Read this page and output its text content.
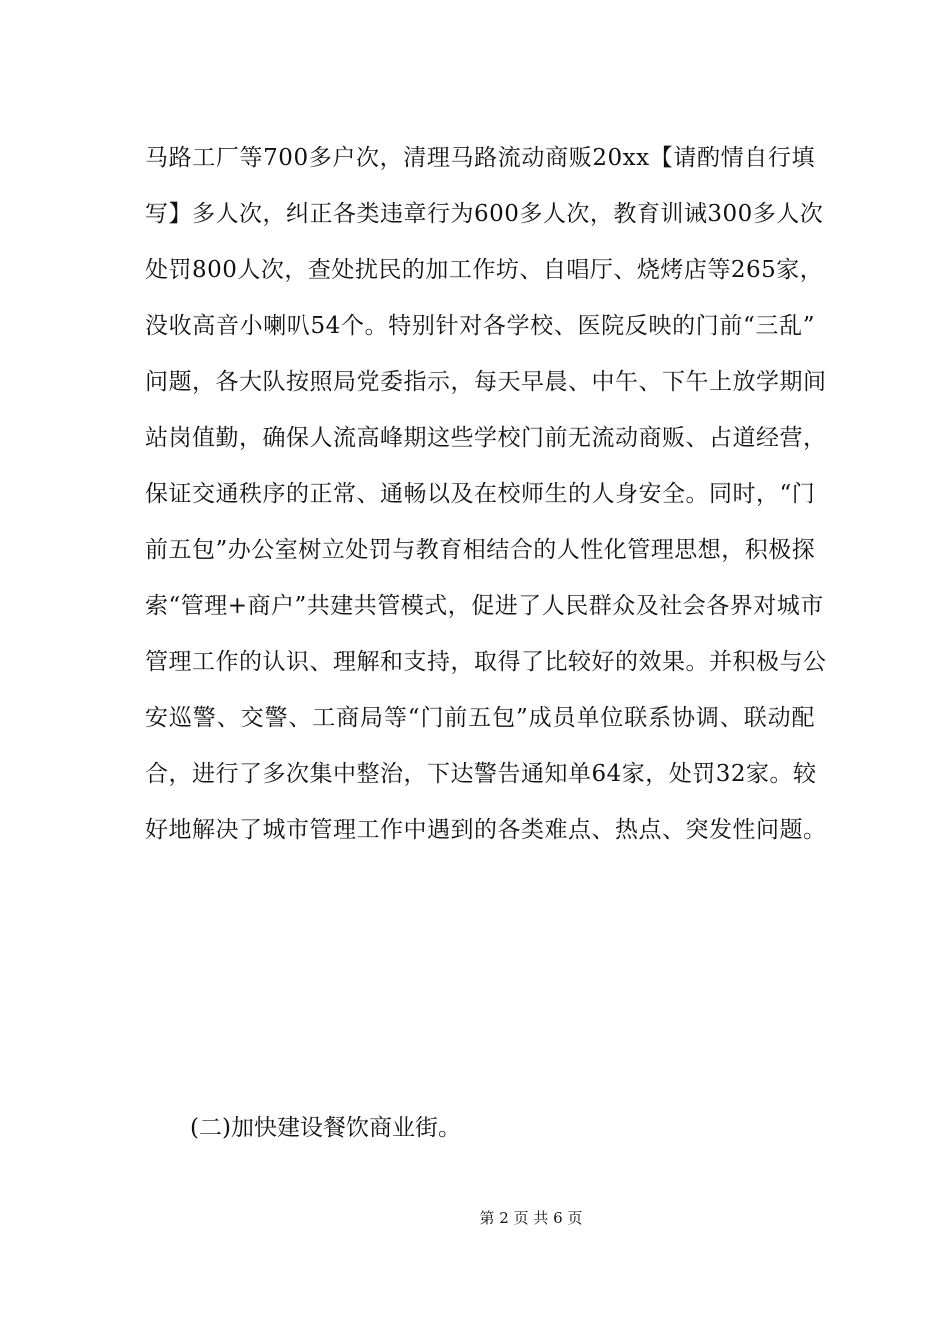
马路工厂等700多户次，清理马路流动商贩20xx【请酌情自行填
写】多人次，纠正各类违章行为600多人次，教育训诫300多人次
处罚800人次，查处扰民的加工作坊、自唱厅、烧烤店等265家，
没收高音小喇叭54个。特别针对各学校、医院反映的门前“三乱”
问题，各大队按照局党委指示，每天早晨、中午、下午上放学期间
站岗值勤，确保人流高峰期这些学校门前无流动商贩、占道经营，
保证交通秩序的正常、通畅以及在校师生的人身安全。同时，“门
前五包”办公室树立处罚与教育相结合的人性化管理思想，积极探
索“管理+商户”共建共管模式，促进了人民群众及社会各界对城市
管理工作的认识、理解和支持，取得了比较好的效果。并积极与公
安巡警、交警、工商局等“门前五包”成员单位联系协调、联动配
合，进行了多次集中整治，下达警告通知单64家，处罚32家。较
好地解决了城市管理工作中遇到的各类难点、热点、突发性问题。

(二)加快建设餐饮商业街。

第 2 页 共 6 页
